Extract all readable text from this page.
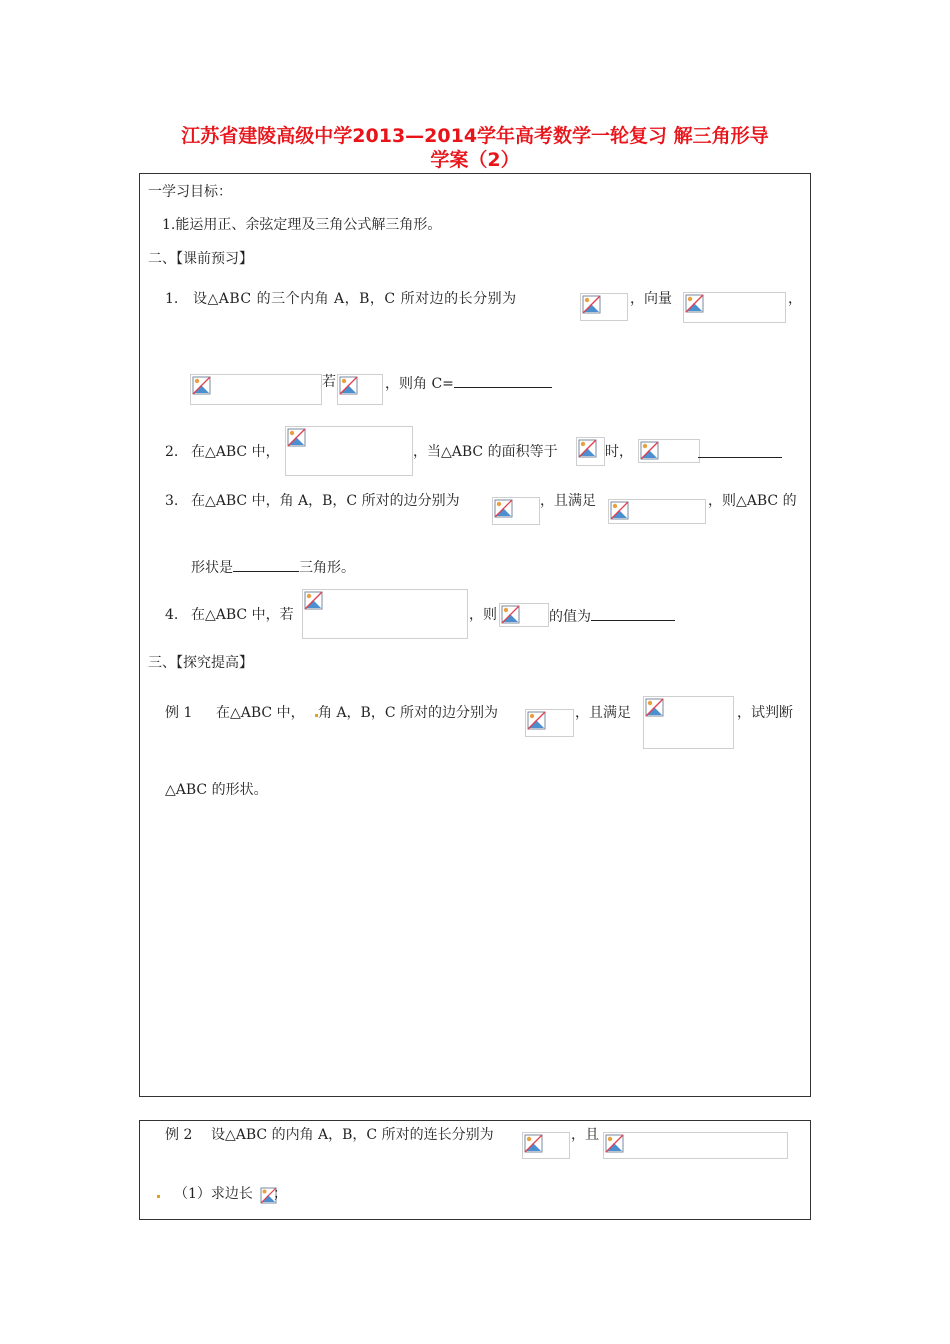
江苏省建陵高级中学2013—2014学年高考数学一轮复习 解三角形导
学案（2）
一学习目标：
1.能运用正、余弦定理及三角公式解三角形。
二、【课前预习】
1. 设△ABC 的三个内角 A，B，C 所对边的长分别为	，向量	，
若	，则角 C=
2. 在△ABC 中，	，当△ABC 的面积等于	时，
3. 在△ABC 中，角 A，B，C 所对的边分别为	，且满足	，则△ABC 的
形状是	三角形。
4. 在△ABC 中，若	，则	的值为
三、【探究提高】
例 1 在△ABC 中， 角 A，B，C 所对的边分别为	，且满足	，试判断
△ABC 的形状。
例 2 设△ABC 的内角 A，B，C 所对的连长分别为	，且
（1）求边长 ；
